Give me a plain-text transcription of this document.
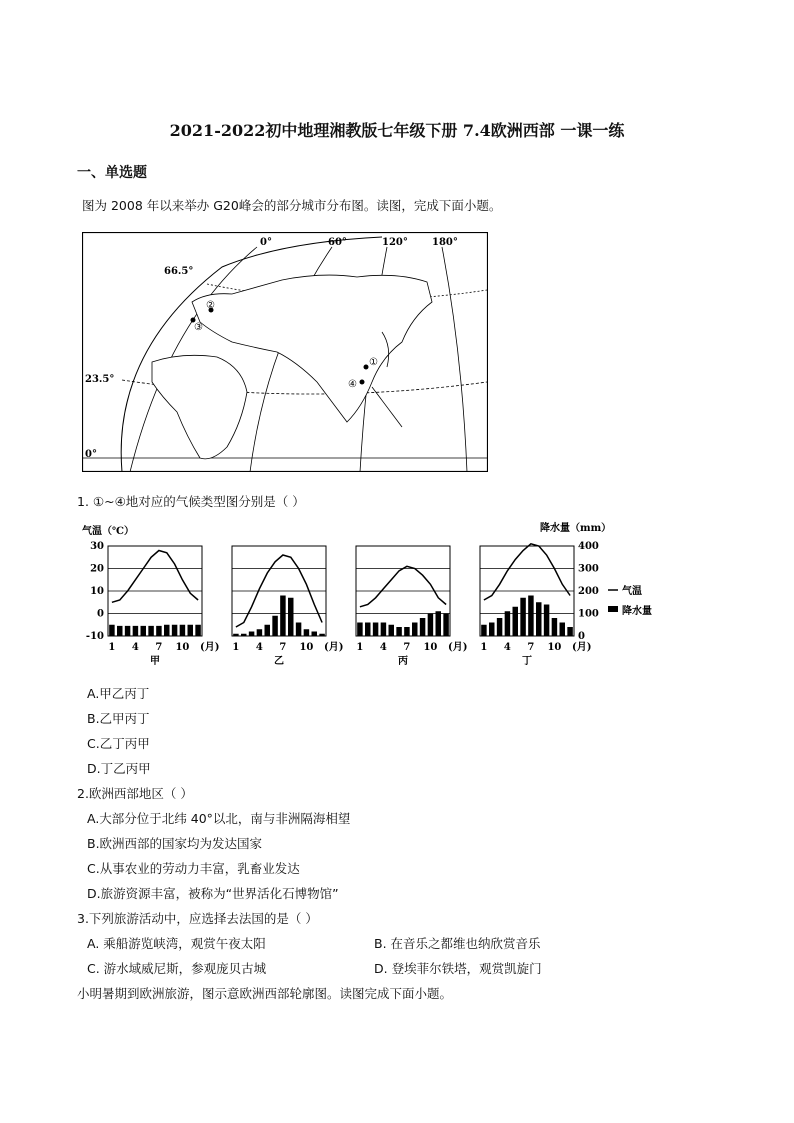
2021-2022初中地理湘教版七年级下册 7.4欧洲西部 一课一练
一、单选题
图为 2008 年以来举办 G20峰会的部分城市分布图。读图，完成下面小题。
0°	60°	120° 180°
66.5°
23.5°
0°
②
③
①
④
1. ①~④地对应的气候类型图分别是（ ）
气温（℃）	降水量（mm）
30
20
10
0
-10
400
300
200
100
0
1 4 7 10 (月)
甲
1 4 7 10 (月)
乙
1 4 7 10 (月)
丙
1 4 7 10 (月)
丁
气温
降水量
A.甲乙丙丁
B.乙甲丙丁
C.乙丁丙甲
D.丁乙丙甲
2.欧洲西部地区（ ）
A.大部分位于北纬 40°以北，南与非洲隔海相望
B.欧洲西部的国家均为发达国家
C.从事农业的劳动力丰富，乳畜业发达
D.旅游资源丰富，被称为“世界活化石博物馆”
3.下列旅游活动中，应选择去法国的是（ ）
A. 乘船游览峡湾，观赏午夜太阳	B. 在音乐之都维也纳欣赏音乐
C. 游水域威尼斯，参观庞贝古城	D. 登埃菲尔铁塔，观赏凯旋门
小明暑期到欧洲旅游，图示意欧洲西部轮廓图。读图完成下面小题。
